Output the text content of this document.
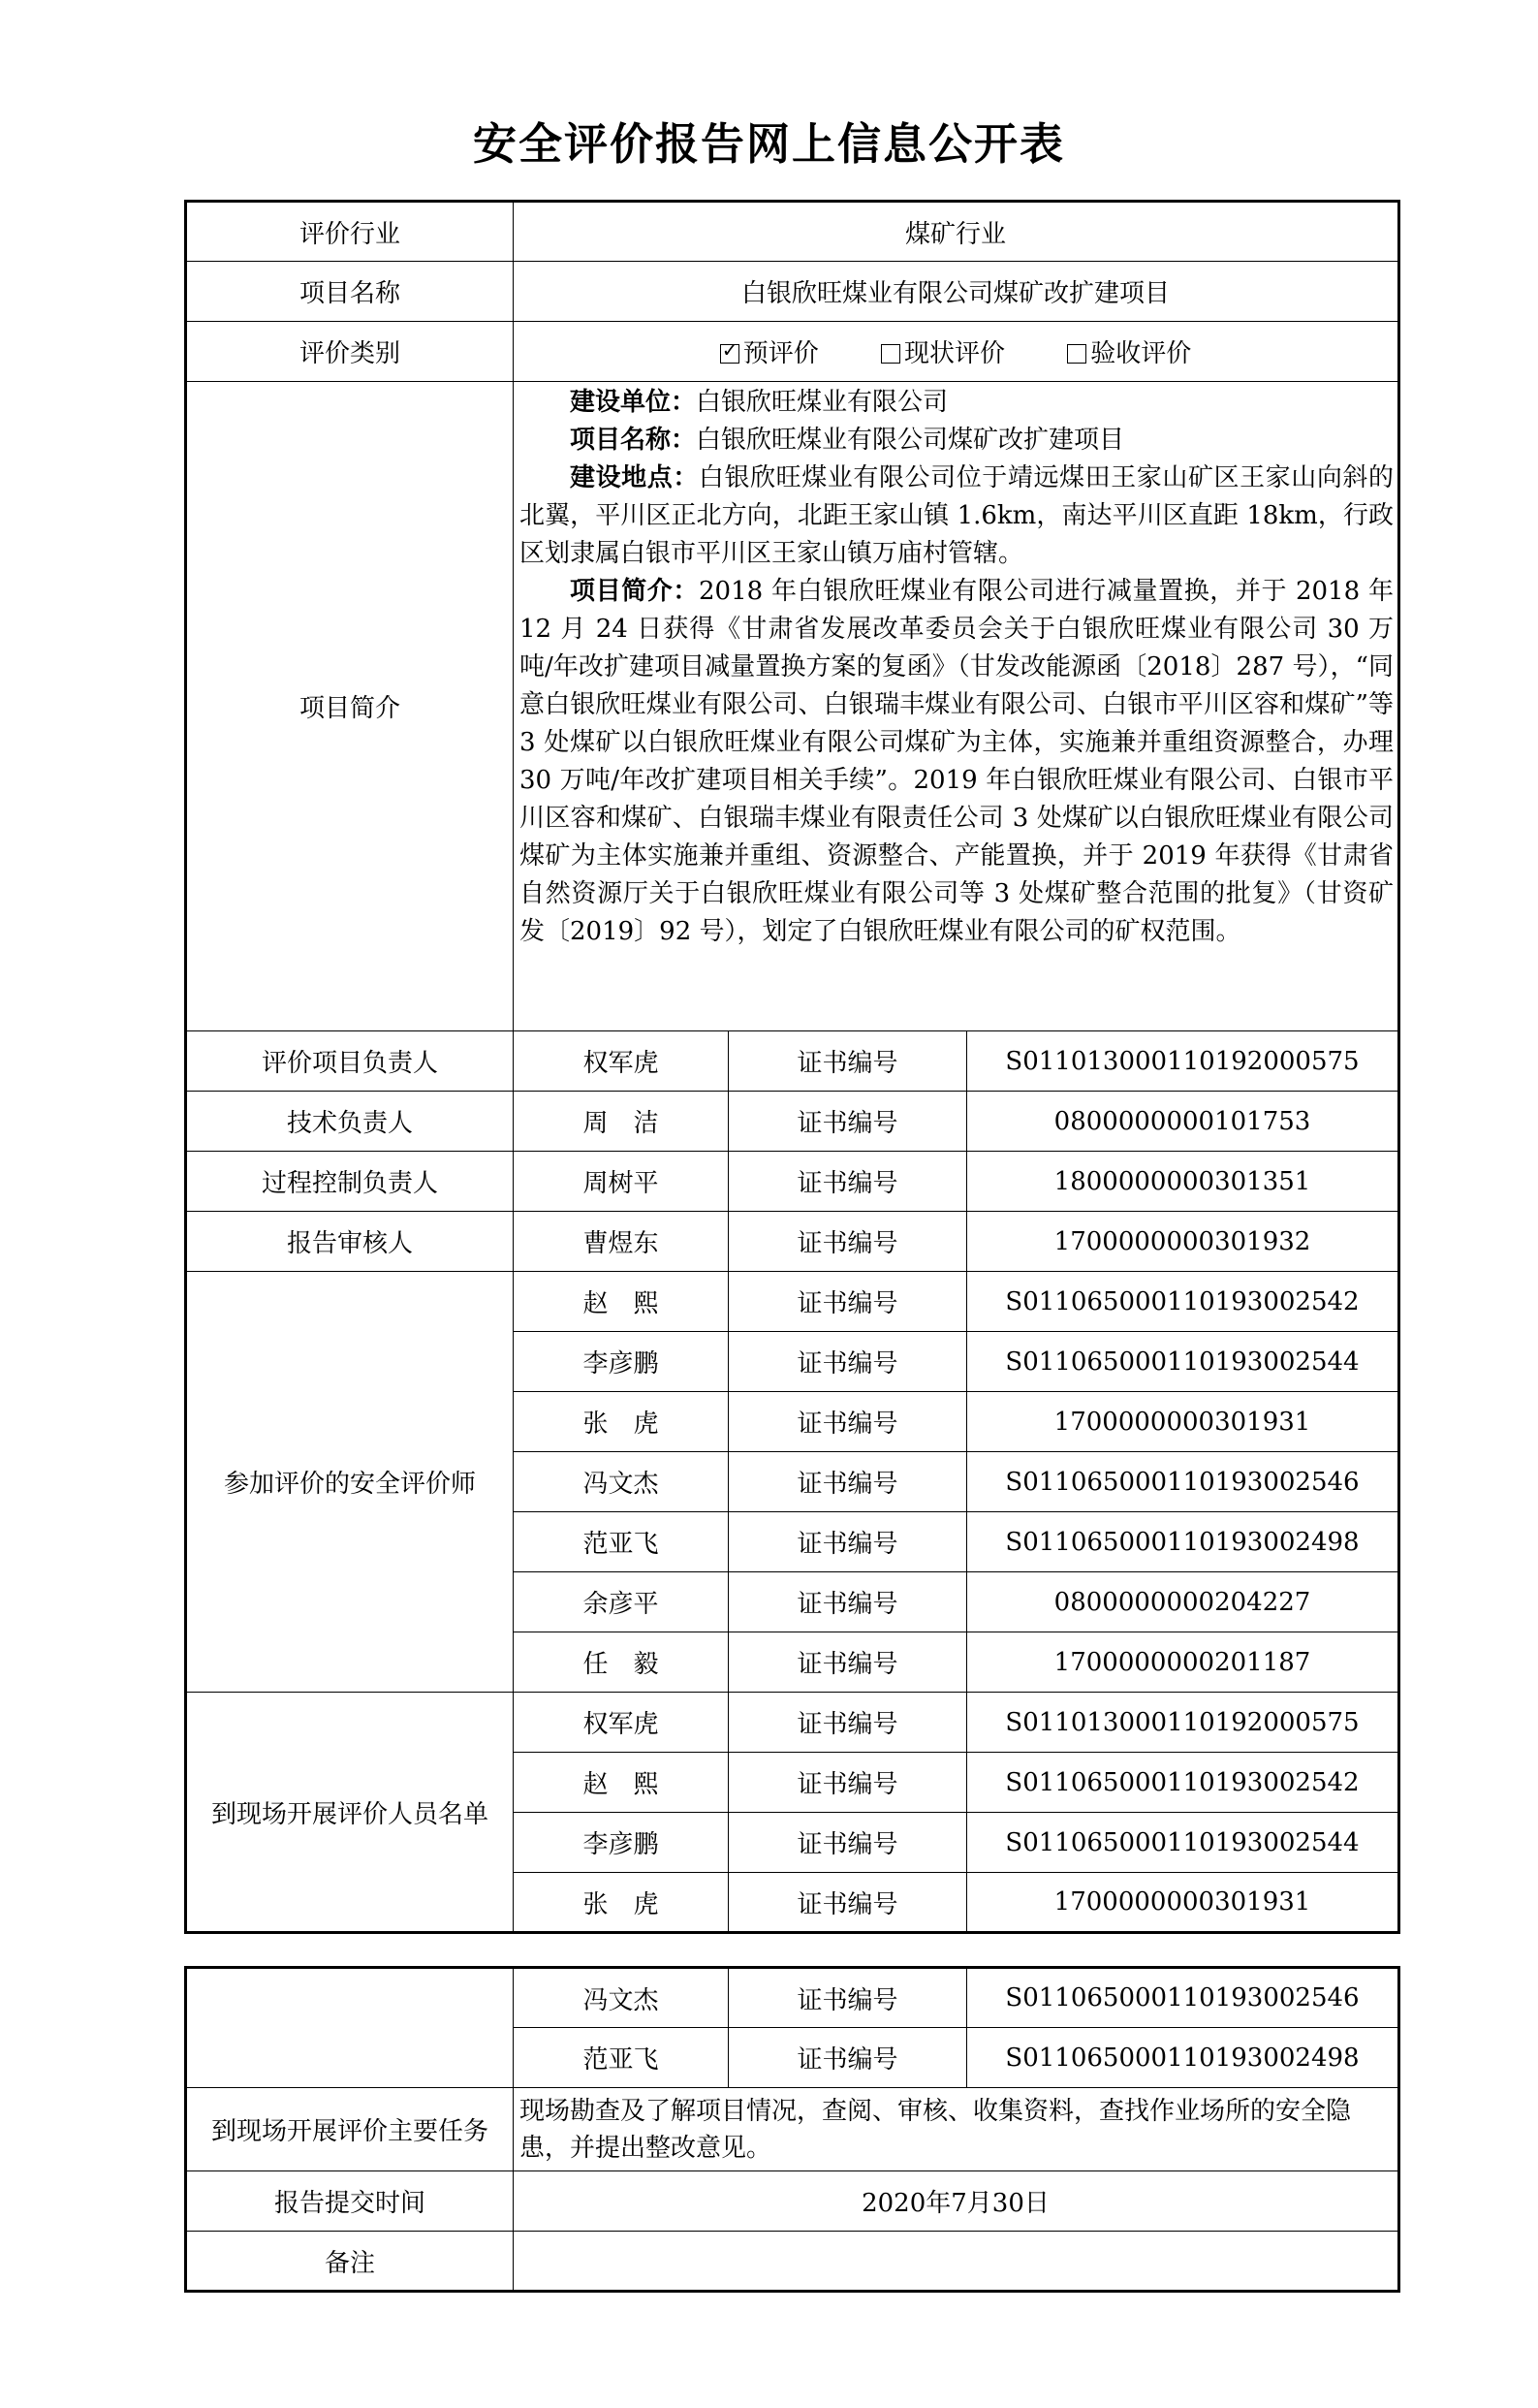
安全评价报告网上信息公开表
评价行业	煤矿行业		
项目名称	白银欣旺煤业有限公司煤矿改扩建项目		
评价类别	✓预评价 现状评价 验收评价
项目简介	建设单位：白银欣旺煤业有限公司

项目名称：白银欣旺煤业有限公司煤矿改扩建项目

建设地点：白银欣旺煤业有限公司位于靖远煤田王家山矿区王家山向斜的北翼，平川区正北方向，北距王家山镇 1.6km，南达平川区直距 18km，行政区划隶属白银市平川区王家山镇万庙村管辖。

项目简介：2018 年白银欣旺煤业有限公司进行减量置换，并于 2018 年 12 月 24 日获得《甘肃省发展改革委员会关于白银欣旺煤业有限公司 30 万吨/年改扩建项目减量置换方案的复函》（甘发改能源函〔2018〕287 号），“同意白银欣旺煤业有限公司、白银瑞丰煤业有限公司、白银市平川区容和煤矿”等 3 处煤矿以白银欣旺煤业有限公司煤矿为主体，实施兼并重组资源整合，办理 30 万吨/年改扩建项目相关手续”。2019 年白银欣旺煤业有限公司、白银市平川区容和煤矿、白银瑞丰煤业有限责任公司 3 处煤矿以白银欣旺煤业有限公司煤矿为主体实施兼并重组、资源整合、产能置换，并于 2019 年获得《甘肃省自然资源厅关于白银欣旺煤业有限公司等 3 处煤矿整合范围的批复》（甘资矿发〔2019〕92 号），划定了白银欣旺煤业有限公司的矿权范围。		

评价项目负责人	权军虎	证书编号	S011013000110192000575
技术负责人	周　洁	证书编号	0800000000101753
过程控制负责人	周树平	证书编号	1800000000301351
报告审核人	曹煜东	证书编号	1700000000301932
参加评价的安全评价师	赵　熙	证书编号	S011065000110193002542
	李彦鹏	证书编号	S011065000110193002544
	张　虎	证书编号	1700000000301931
	冯文杰	证书编号	S011065000110193002546
	范亚飞	证书编号	S011065000110193002498
	余彦平	证书编号	0800000000204227
	任　毅	证书编号	1700000000201187
到现场开展评价人员名单	权军虎	证书编号	S011013000110192000575
	赵　熙	证书编号	S011065000110193002542
	李彦鹏	证书编号	S011065000110193002544
	张　虎	证书编号	1700000000301931
	冯文杰	证书编号	S011065000110193002546
	范亚飞	证书编号	S011065000110193002498
到现场开展评价主要任务	现场勘查及了解项目情况，查阅、审核、收集资料，查找作业场所的安全隐患，并提出整改意见。		
报告提交时间	2020年7月30日		
备注			
